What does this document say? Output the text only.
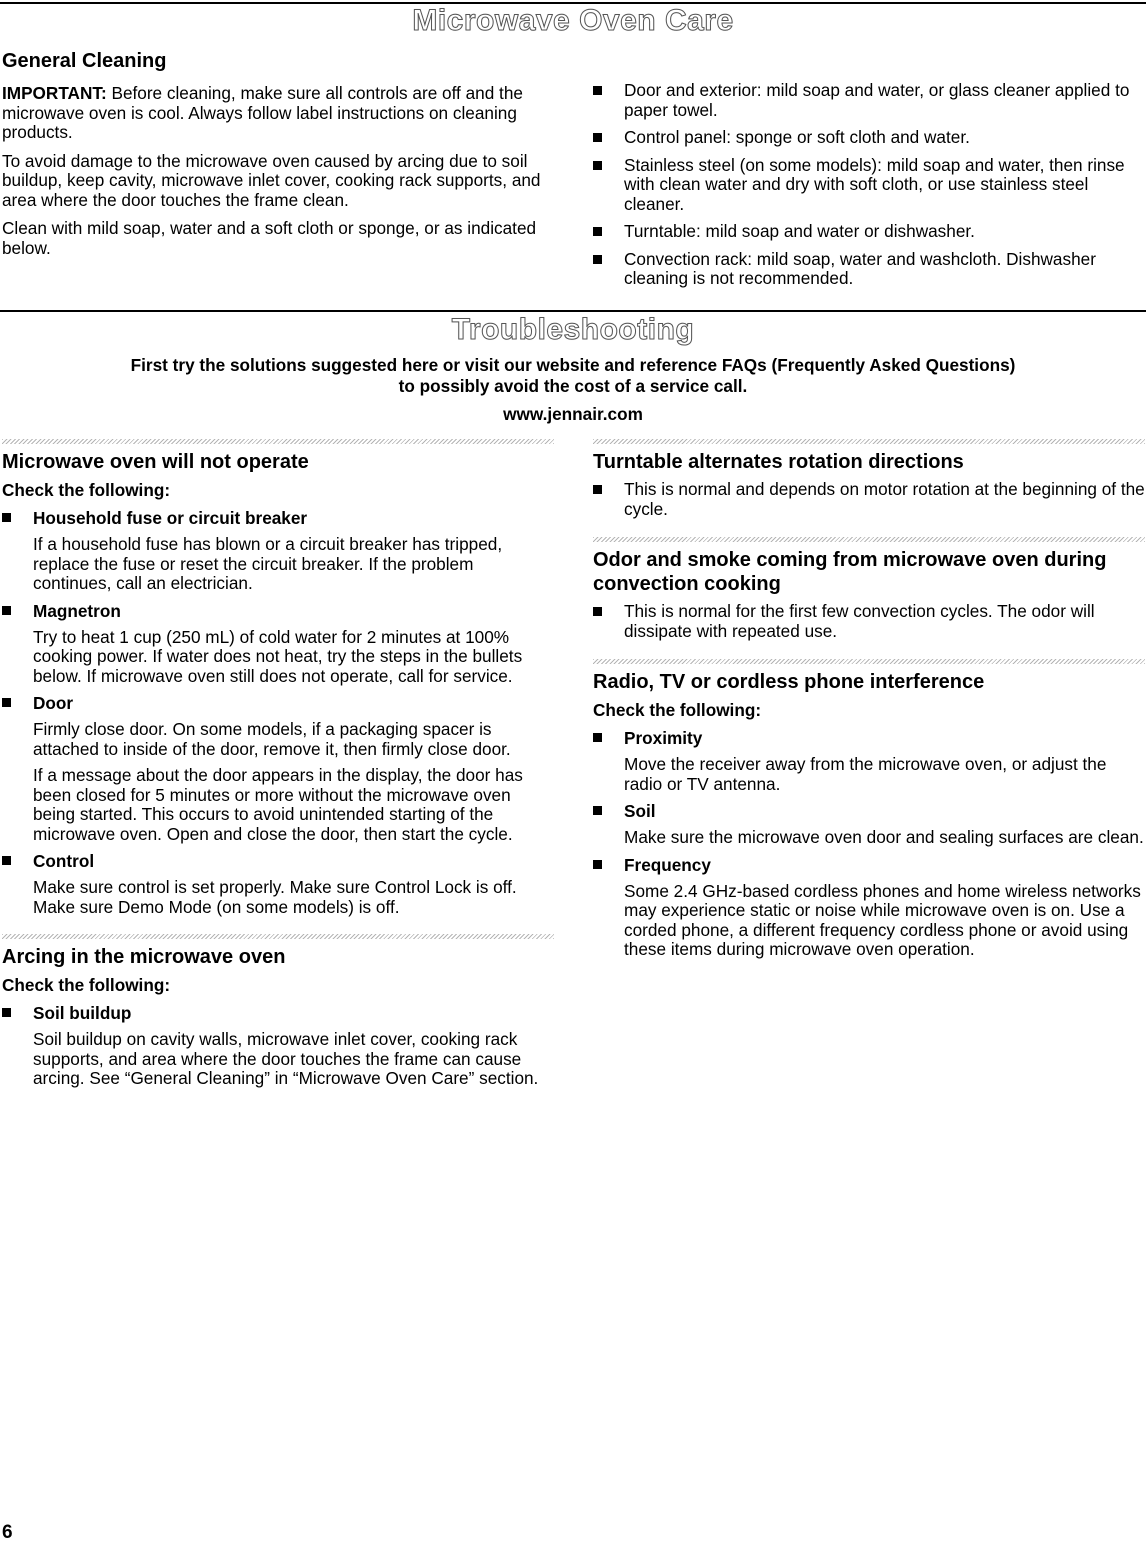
Microwave Oven Care
General Cleaning

IMPORTANT: Before cleaning, make sure all controls are off and the microwave oven is cool. Always follow label instructions on cleaning products.

To avoid damage to the microwave oven caused by arcing due to soil buildup, keep cavity, microwave inlet cover, cooking rack supports, and area where the door touches the frame clean.

Clean with mild soap, water and a soft cloth or sponge, or as indicated below.

Door and exterior: mild soap and water, or glass cleaner applied to paper towel.
Control panel: sponge or soft cloth and water.
Stainless steel (on some models): mild soap and water, then rinse with clean water and dry with soft cloth, or use stainless steel cleaner.
Turntable: mild soap and water or dishwasher.
Convection rack: mild soap, water and washcloth. Dishwasher cleaning is not recommended.
Troubleshooting
First try the solutions suggested here or visit our website and reference FAQs (Frequently Asked Questions)
to possibly avoid the cost of a service call.
www.jennair.com
Microwave oven will not operate
Check the following:
Household fuse or circuit breaker
If a household fuse has blown or a circuit breaker has tripped, replace the fuse or reset the circuit breaker. If the problem continues, call an electrician.
Magnetron
Try to heat 1 cup (250 mL) of cold water for 2 minutes at 100% cooking power. If water does not heat, try the steps in the bullets below. If microwave oven still does not operate, call for service.
Door
Firmly close door. On some models, if a packaging spacer is attached to inside of the door, remove it, then firmly close door.
If a message about the door appears in the display, the door has been closed for 5 minutes or more without the microwave oven being started. This occurs to avoid unintended starting of the microwave oven. Open and close the door, then start the cycle.
Control
Make sure control is set properly. Make sure Control Lock is off. Make sure Demo Mode (on some models) is off.
Arcing in the microwave oven
Check the following:
Soil buildup
Soil buildup on cavity walls, microwave inlet cover, cooking rack supports, and area where the door touches the frame can cause arcing. See “General Cleaning” in “Microwave Oven Care” section.
Turntable alternates rotation directions
This is normal and depends on motor rotation at the beginning of the cycle.
Odor and smoke coming from microwave oven during convection cooking
This is normal for the first few convection cycles. The odor will dissipate with repeated use.
Radio, TV or cordless phone interference
Check the following:
Proximity
Move the receiver away from the microwave oven, or adjust the radio or TV antenna.
Soil
Make sure the microwave oven door and sealing surfaces are clean.
Frequency
Some 2.4 GHz-based cordless phones and home wireless networks may experience static or noise while microwave oven is on. Use a corded phone, a different frequency cordless phone or avoid using these items during microwave oven operation.
6
